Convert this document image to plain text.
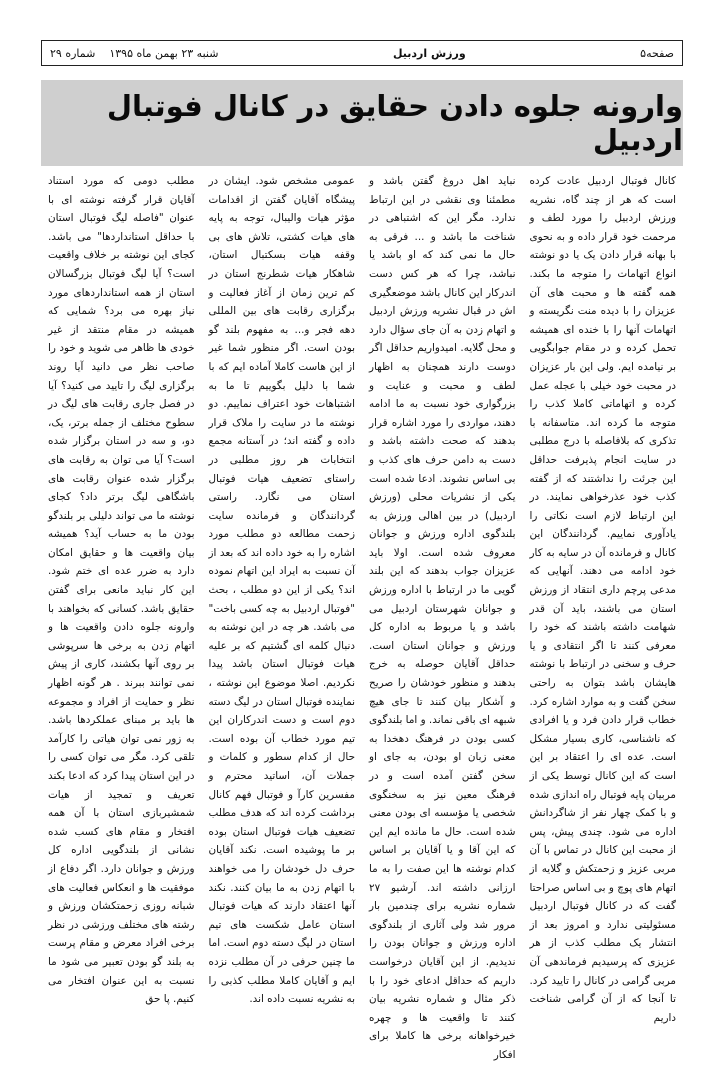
صفحه۵
ورزش اردبیل
شنبه ۲۳ بهمن ماه ۱۳۹۵
شماره ۲۹
وارونه جلوه دادن حقایق در کانال فوتبال اردبیل

کانال فوتبال اردبیل عادت کرده است که هر از چند گاه، نشریه ورزش اردبیل را مورد لطف و مرحمت خود قرار داده و به نحوی با بهانه قرار دادن یک یا دو نوشته انواع اتهامات را متوجه ما بکند. همه گفته ها و محبت های آن عزیزان را با دیده منت نگریسته و اتهامات آنها را با خنده ای همیشه تحمل کرده و در مقام جوابگویی بر نیامده ایم. ولی این بار عزیزان در محبت خود خیلی با عجله عمل کرده و اتهاماتی کاملا کذب را متوجه ما کرده اند. متاسفانه با تذکری که بلافاصله با درج مطلبی در سایت انجام پذیرفت حداقل این جرئت را نداشتند که از گفته کذب خود عذرخواهی نمایند. در این ارتباط لازم است نکاتی را یادآوری نماییم. گردانندگان این کانال و فرمانده آن در سایه به کار خود ادامه می دهند. آنهایی که مدعی پرچم داری انتقاد از ورزش استان می باشند، باید آن قدر شهامت داشته باشند که خود را معرفی کنند تا اگر انتقادی و یا حرف و سخنی در ارتباط با نوشته هایشان باشد بتوان به راحتی سخن گفت و به موارد اشاره کرد. خطاب قرار دادن فرد و یا افرادی که ناشناسی، کاری بسیار مشکل است. عده ای را اعتقاد بر این است که این کانال توسط یکی از مربیان پایه فوتبال راه اندازی شده و با کمک چهار نفر از شاگردانش اداره می شود. چندی پیش، پس از محبت این کانال در تماس با آن مربی عزیز و زحمتکش و گلایه از اتهام های پوچ و بی اساس صراحتا گفت که در کانال فوتبال اردبیل مسئولیتی ندارد و امروز بعد از انتشار یک مطلب کذب از هر عزیزی که پرسیدیم فرماندهی آن مربی گرامی در کانال را تایید کرد. تا آنجا که از آن گرامی شناخت داریم

نباید اهل دروغ گفتن باشد و مطمئنا وی نقشی در این ارتباط ندارد. مگر این که اشتباهی در شناخت ما باشد و ... فرقی به حال ما نمی کند که او باشد یا نباشد، چرا که هر کس دست اندرکار این کانال باشد موضعگیری اش در قبال نشریه ورزش اردبیل و اتهام زدن به آن جای سؤال دارد و محل گلایه. امیدواریم حداقل اگر دوست دارند همچنان به اظهار لطف و محبت و عنایت و بزرگواری خود نسبت به ما ادامه دهند، مواردی را مورد اشاره قرار بدهند که صحت داشته باشد و دست به دامن حرف های کذب و بی اساس نشوند. ادعا شده است یکی از نشریات محلی (ورزش اردبیل) در بین اهالی ورزش به بلندگوی اداره ورزش و جوانان معروف شده است. اولا باید عزیزان جواب بدهند که این بلند گویی ما در ارتباط با اداره ورزش و جوانان شهرستان اردبیل می باشد و یا مربوط به اداره کل ورزش و جوانان استان است. حداقل آقایان حوصله به خرج بدهند و منظور خودشان را صریح و آشکار بیان کنند تا جای هیچ شبهه ای باقی نماند. و اما بلندگوی کسی بودن در فرهنگ دهخدا به معنی زبان او بودن، به جای او سخن گفتن آمده است و در فرهنگ معین نیز به سخنگوی شخصی یا مؤسسه ای بودن معنی شده است. حال ما مانده ایم این که این آقا و یا آقایان بر اساس کدام نوشته ها این صفت را به ما ارزانی داشته اند. آرشیو ۲۷ شماره نشریه برای چندمین بار مرور شد ولی آثاری از بلندگوی اداره ورزش و جوانان بودن را ندیدیم. از این آقایان درخواست داریم که حداقل ادعای خود را با ذکر مثال و شماره نشریه بیان کنند تا واقعیت ها و چهره خیرخواهانه برخی ها کاملا برای افکار

عمومی مشخص شود. ایشان در پیشگاه آقایان گفتن از اقدامات مؤثر هیات والیبال، توجه به پایه های هیات کشتی، تلاش های بی وقفه هیات بسکتبال استان، شاهکار هیات شطرنج استان در کم ترین زمان از آغاز فعالیت و برگزاری رقابت های بین المللی دهه فجر و... به مفهوم بلند گو بودن است. اگر منظور شما غیر از این هاست کاملا آماده ایم که با شما با دلیل بگوییم تا ما به اشتباهات خود اعتراف نماییم. دو نوشته ما در سایت را ملاک قرار داده و گفته اند؛ در آستانه مجمع انتخابات هر روز مطلبی در راستای تضعیف هیات فوتبال استان می نگارد. راستی گردانندگان و فرمانده سایت زحمت مطالعه دو مطلب مورد اشاره را به خود داده اند که بعد از آن نسبت به ایراد این اتهام نموده اند؟ یکی از این دو مطلب ، بحث "فوتبال اردبیل به چه کسی باخت" می باشد. هر چه در این نوشته به دنبال کلمه ای گشتیم که بر علیه هیات فوتبال استان باشد پیدا نکردیم. اصلا موضوع این نوشته ، نماینده فوتبال استان در لیگ دسته دوم است و دست اندرکاران این تیم مورد خطاب آن بوده است. حال از کدام سطور و کلمات و جملات آن، اساتید محترم و مفسرین کارآ و فوتبال فهم کانال برداشت کرده اند که هدف مطلب تضعیف هیات فوتبال استان بوده بر ما پوشیده است. نکند آقایان حرف دل خودشان را می خواهند با اتهام زدن به ما بیان کنند. نکند آنها اعتقاد دارند که هیات فوتبال استان عامل شکست های تیم استان در لیگ دسته دوم است. اما ما چنین حرفی در آن مطلب نزده ایم و آقایان کاملا مطلب کذبی را به نشریه نسبت داده اند.

مطلب دومی که مورد استناد آقایان قرار گرفته نوشته ای با عنوان "فاصله لیگ فوتبال استان با حداقل استانداردها" می باشد. کجای این نوشته بر خلاف واقعیت است؟ آیا لیگ فوتبال بزرگسالان استان از همه استانداردهای مورد نیاز بهره می برد؟ شمایی که همیشه در مقام منتقد از غیر خودی ها ظاهر می شوید و خود را صاحب نظر می دانید آیا روند برگزاری لیگ را تایید می کنید؟ آیا در فصل جاری رقابت های لیگ در سطوح مختلف از جمله برتر، یک، دو، و سه در استان برگزار شده است؟ آیا می توان به رقابت های برگزار شده عنوان رقابت های باشگاهی لیگ برتر داد؟ کجای نوشته ما می تواند دلیلی بر بلندگو بودن ما به حساب آید؟ همیشه بیان واقعیت ها و حقایق امکان دارد به ضرر عده ای ختم شود. این کار نباید مانعی برای گفتن حقایق باشد. کسانی که بخواهند با وارونه جلوه دادن واقعیت ها و اتهام زدن به برخی ها سرپوشی بر روی آنها بکشند، کاری از پیش نمی توانند ببرند . هر گونه اظهار نظر و حمایت از افراد و مجموعه ها باید بر مبنای عملکردها باشد. به زور نمی توان هیاتی را کارآمد تلقی کرد. مگر می توان کسی را در این استان پیدا کرد که ادعا بکند تعریف و تمجید از هیات شمشیربازی استان با آن همه افتخار و مقام های کسب شده نشانی از بلندگویی اداره کل ورزش و جوانان دارد. اگر دفاع از موفقیت ها و انعکاس فعالیت های شبانه روزی زحمتکشان ورزش و رشته های مختلف ورزشی در نظر برخی افراد معرض و مقام پرست به بلند گو بودن تعبیر می شود ما نسبت به این عنوان افتخار می کنیم. پا حق
